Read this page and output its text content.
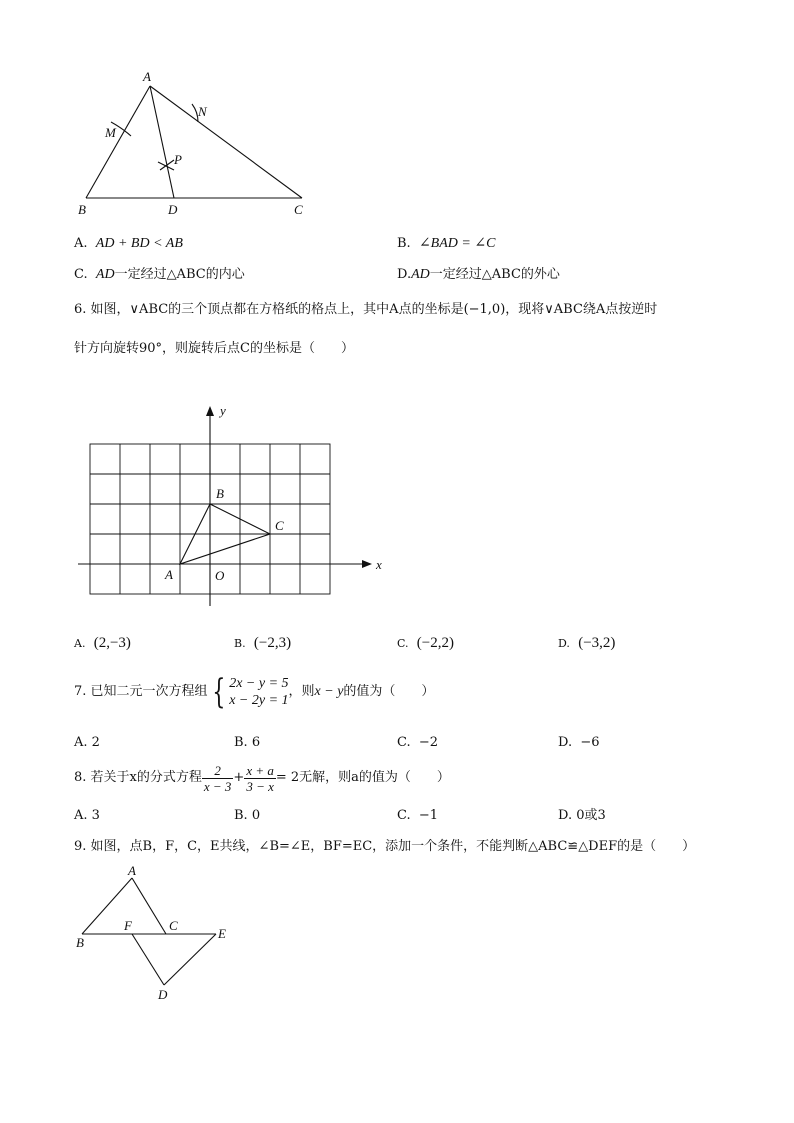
A
B	C
D
M
N
P
A. AD + BD < AB	B. ∠BAD = ∠C
C. AD一定经过△ABC的内心	D.AD一定经过△ABC的外心
6. 如图，∨ABC的三个顶点都在方格纸的格点上，其中A点的坐标是(−1,0)，现将∨ABC绕A点按逆时
针方向旋转90°，则旋转后点C的坐标是（　　）
y
x
A
B
C
O
A. (2,−3)	B. (−2,3)	C. (−2,2)	D. (−3,2)
7. 已知二元一次方程组 { 2x − y = 5
x − 2y = 1
，则x − y的值为（　　）
A. 2	B. 6	C. −2	D. −6
8. 若关于x的分式方程 $\frac{2}{x - 3} + \frac{x + a}{3 - x} = 2$无解，则a的值为（　　）
A. 3	B. 0	C. −1	D. 0或3
9. 如图，点B，F，C，E共线，∠B=∠E，BF=EC，添加一个条件，不能判断△ABC≌△DEF的是（　　）
A
B
C
D
E
F
